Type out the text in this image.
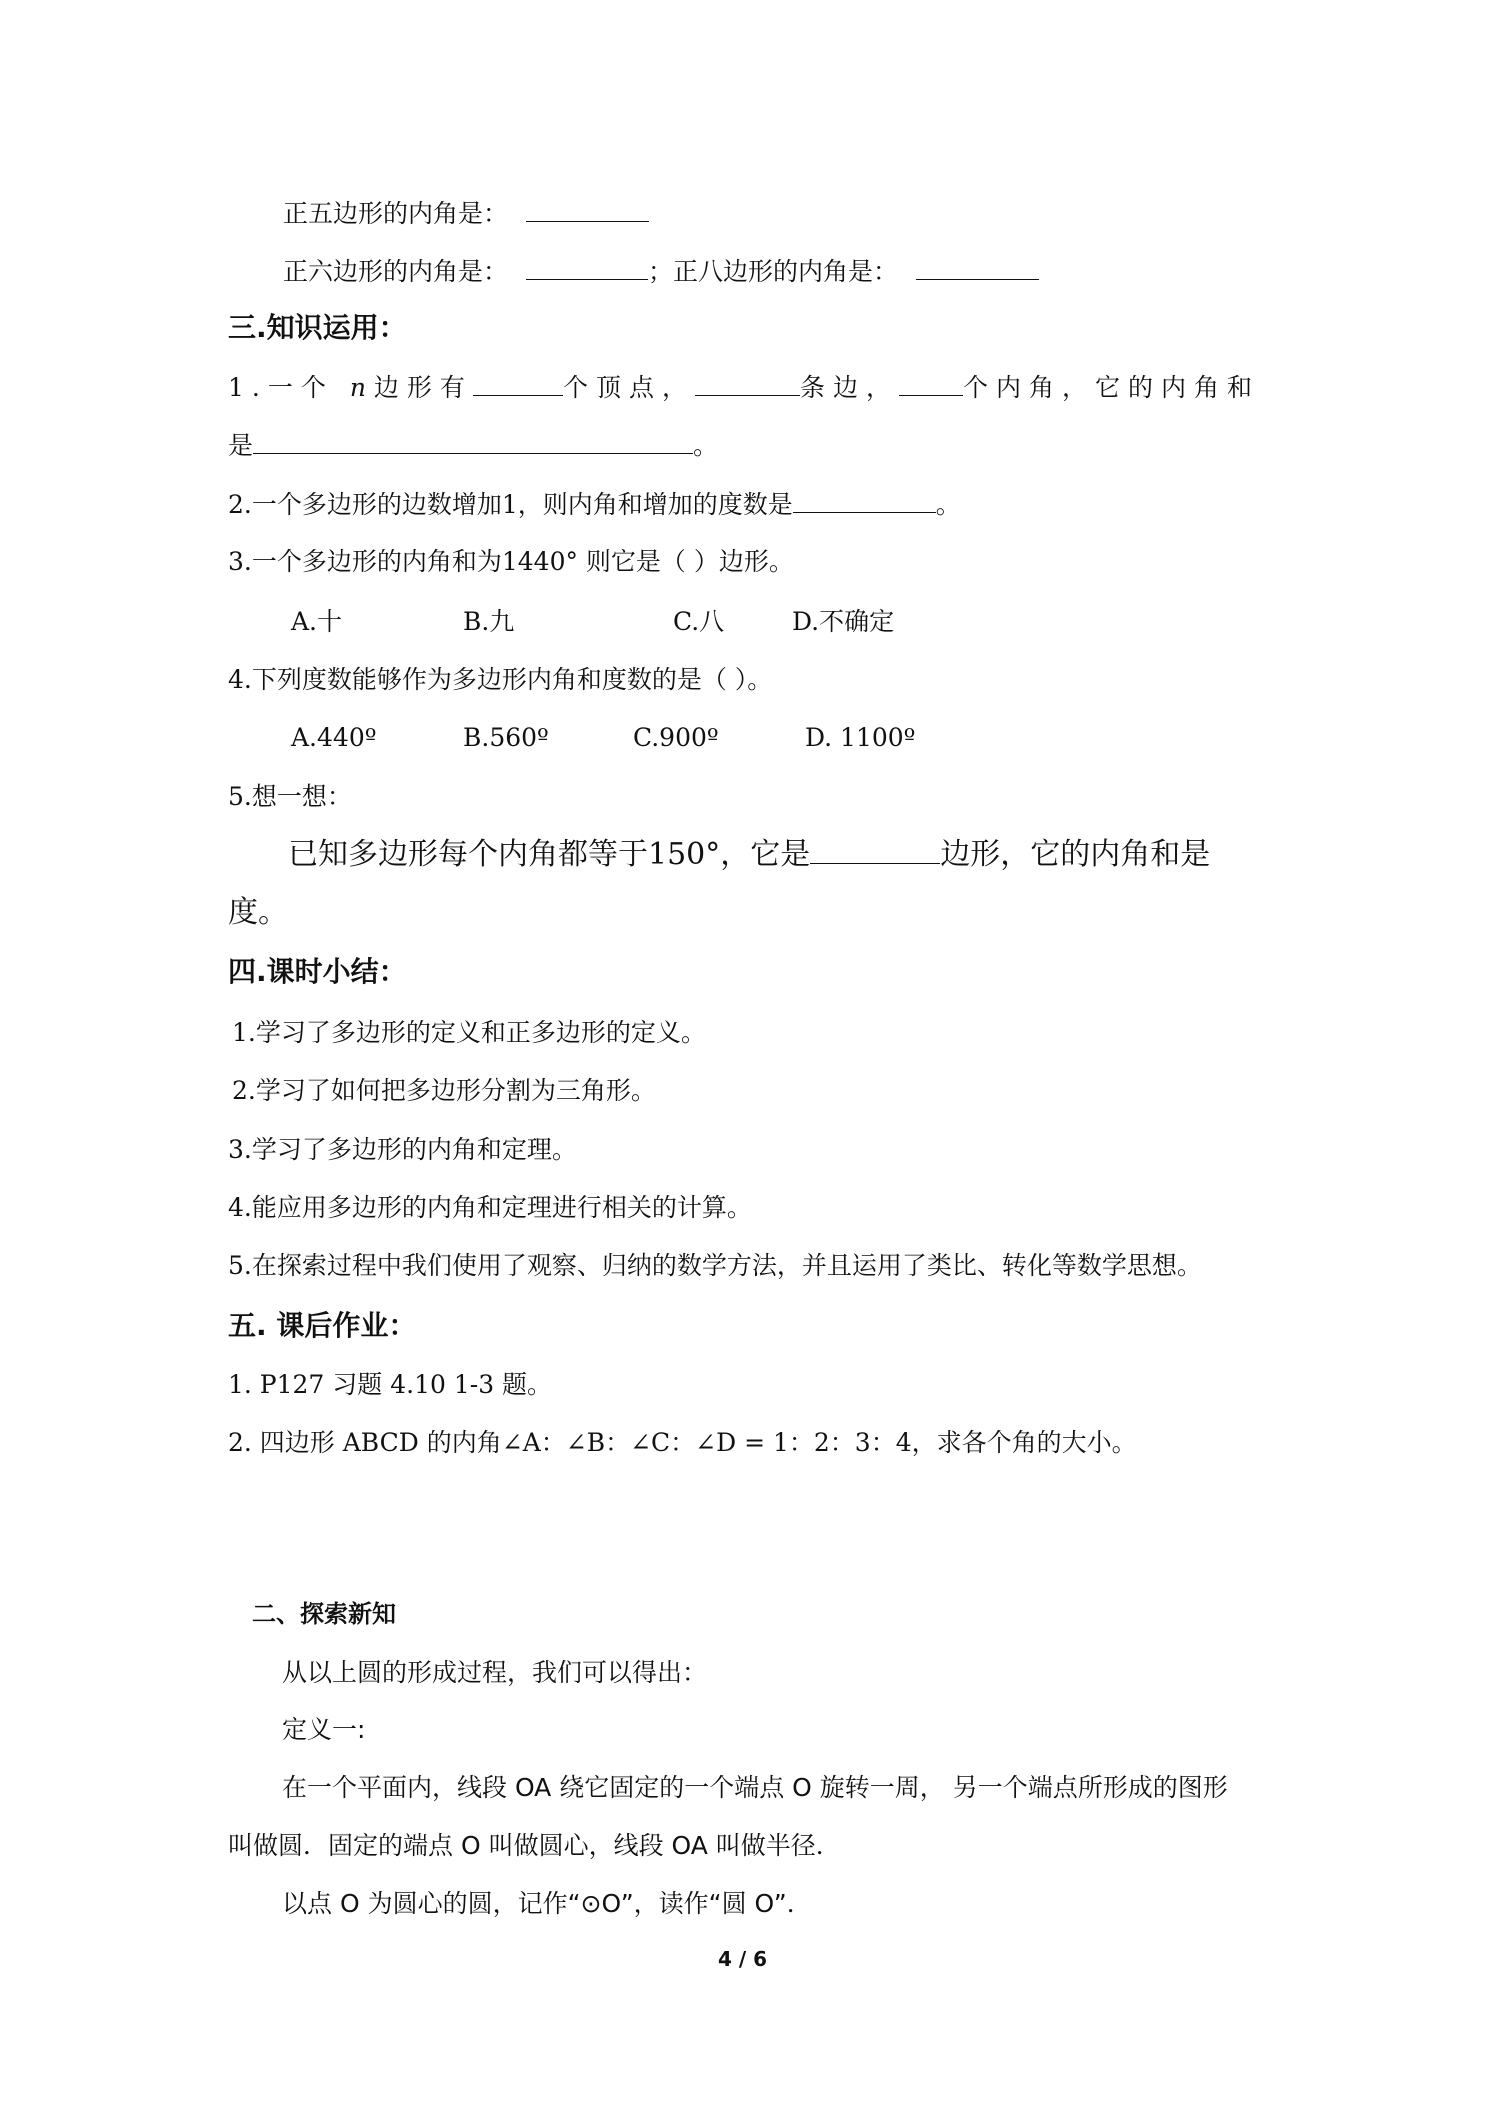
正五边形的内角是：
正六边形的内角是：	；正八边形的内角是：
三.知识运用：
1.一个 n边形有	个顶点，	条边，	个内角，它的内角和
是	。
2.一个多边形的边数增加1，则内角和增加的度数是	。
3.一个多边形的内角和为1440° 则它是（ ）边形。
A.十	B.九	C.八	D.不确定
4.下列度数能够作为多边形内角和度数的是（ ）。
A.440º	B.560º	C.900º	D. 1100º
5.想一想：
已知多边形每个内角都等于150°，它是	边形，它的内角和是
度。
四.课时小结：
1.学习了多边形的定义和正多边形的定义。
2.学习了如何把多边形分割为三角形。
3.学习了多边形的内角和定理。
4.能应用多边形的内角和定理进行相关的计算。
5.在探索过程中我们使用了观察、归纳的数学方法，并且运用了类比、转化等数学思想。
五. 课后作业：
1. P127 习题 4.10 1-3 题。
2. 四边形 ABCD 的内角∠A：∠B：∠C：∠D = 1：2：3：4，求各个角的大小。
二、探索新知
从以上圆的形成过程，我们可以得出：
定义一:
在一个平面内，线段 OA 绕它固定的一个端点 O 旋转一周， 另一个端点所形成的图形
叫做圆．固定的端点 O 叫做圆心，线段 OA 叫做半径．
以点 O 为圆心的圆，记作“⊙O”，读作“圆 O”．
4 / 6
